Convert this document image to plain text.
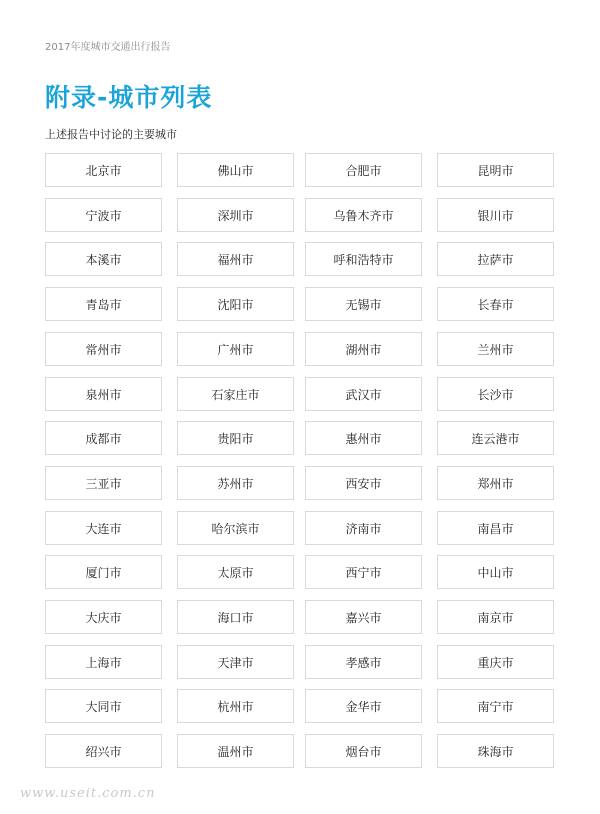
2017年度城市交通出行报告
附录-城市列表
上述报告中讨论的主要城市
北京市	佛山市	合肥市	昆明市
宁波市	深圳市	乌鲁木齐市	银川市
本溪市	福州市	呼和浩特市	拉萨市
青岛市	沈阳市	无锡市	长春市
常州市	广州市	湖州市	兰州市
泉州市	石家庄市	武汉市	长沙市
成都市	贵阳市	惠州市	连云港市
三亚市	苏州市	西安市	郑州市
大连市	哈尔滨市	济南市	南昌市
厦门市	太原市	西宁市	中山市
大庆市	海口市	嘉兴市	南京市
上海市	天津市	孝感市	重庆市
大同市	杭州市	金华市	南宁市
绍兴市	温州市	烟台市	珠海市
www.useit.com.cn
